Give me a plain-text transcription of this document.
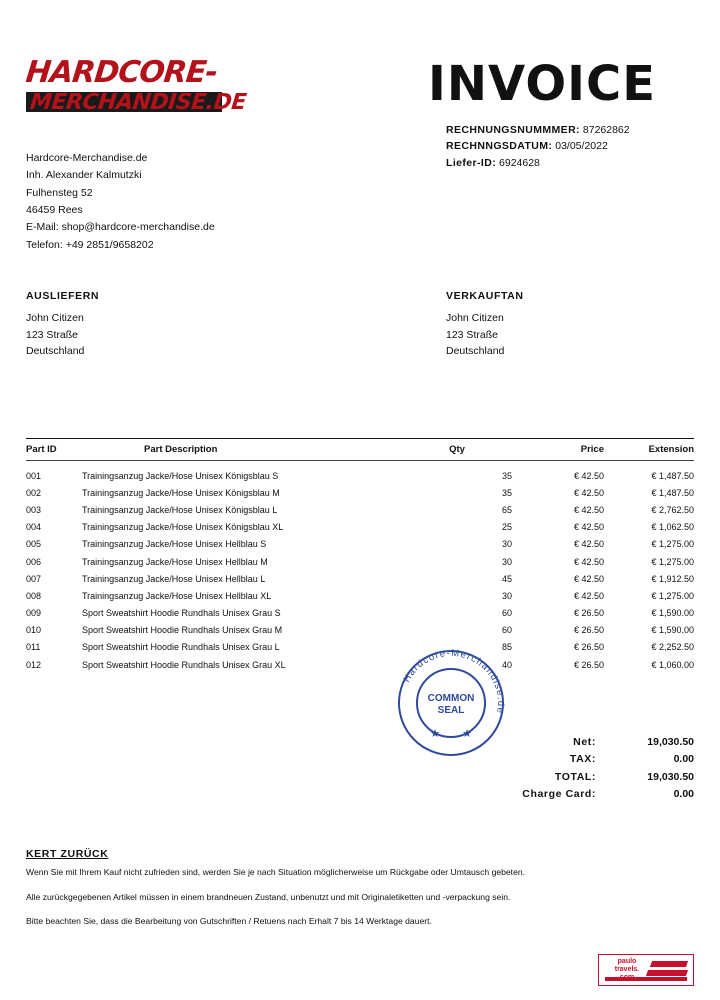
HARDCORE-
MERCHANDISE.DE	INVOICE
RECHNUNGSNUMMMER: 87262862
RECHNNGSDATUM: 03/05/2022
Liefer-ID: 6924628
Hardcore-Merchandise.de
Inh. Alexander Kalmutzki
Fulhensteg 52
46459 Rees
E-Mail: shop@hardcore-merchandise.de
Telefon: +49 2851/9658202
AUSLIEFERN
John Citizen
123 Straße
Deutschland
VERKAUFTAN
John Citizen
123 Straße
Deutschland
Part ID	Part Description	Qty	Price	Extension
001	Trainingsanzug Jacke/Hose Unisex Königsblau S	35	€ 42.50	€ 1,487.50
002	Trainingsanzug Jacke/Hose Unisex Königsblau M	35	€ 42.50	€ 1,487.50
003	Trainingsanzug Jacke/Hose Unisex Königsblau L	65	€ 42.50	€ 2,762.50
004	Trainingsanzug Jacke/Hose Unisex Königsblau XL	25	€ 42.50	€ 1,062.50
005	Trainingsanzug Jacke/Hose Unisex Hellblau S	30	€ 42.50	€ 1,275.00
006	Trainingsanzug Jacke/Hose Unisex Hellblau M	30	€ 42.50	€ 1,275.00
007	Trainingsanzug Jacke/Hose Unisex Hellblau L	45	€ 42.50	€ 1,912.50
008	Trainingsanzug Jacke/Hose Unisex Hellblau XL	30	€ 42.50	€ 1,275.00
009	Sport Sweatshirt Hoodie Rundhals Unisex Grau S	60	€ 26.50	€ 1,590.00
010	Sport Sweatshirt Hoodie Rundhals Unisex Grau M	60	€ 26.50	€ 1,590.00
011	Sport Sweatshirt Hoodie Rundhals Unisex Grau L	85	€ 26.50	€ 2,252.50
012	Sport Sweatshirt Hoodie Rundhals Unisex Grau XL	40	€ 26.50	€ 1,060.00
Hardcore-Merchandise.de
COMMON
SEAL
★ ★
Net:	19,030.50
TAX:	0.00
TOTAL:	19,030.50
Charge Card:	0.00
KERT ZURÜCK

Wenn Sie mit Ihrem Kauf nicht zufrieden sind, werden Sie je nach Situation möglicherweise um Rückgabe oder Umtausch gebeten.

Alle zurückgegebenen Artikel müssen in einem brandneuen Zustand, unbenutzt und mit Originaletiketten und -verpackung sein.

Bitte beachten Sie, dass die Bearbeitung von Gutschriften / Retuens nach Erhalt 7 bis 14 Werktage dauert.

paulo
travels.
